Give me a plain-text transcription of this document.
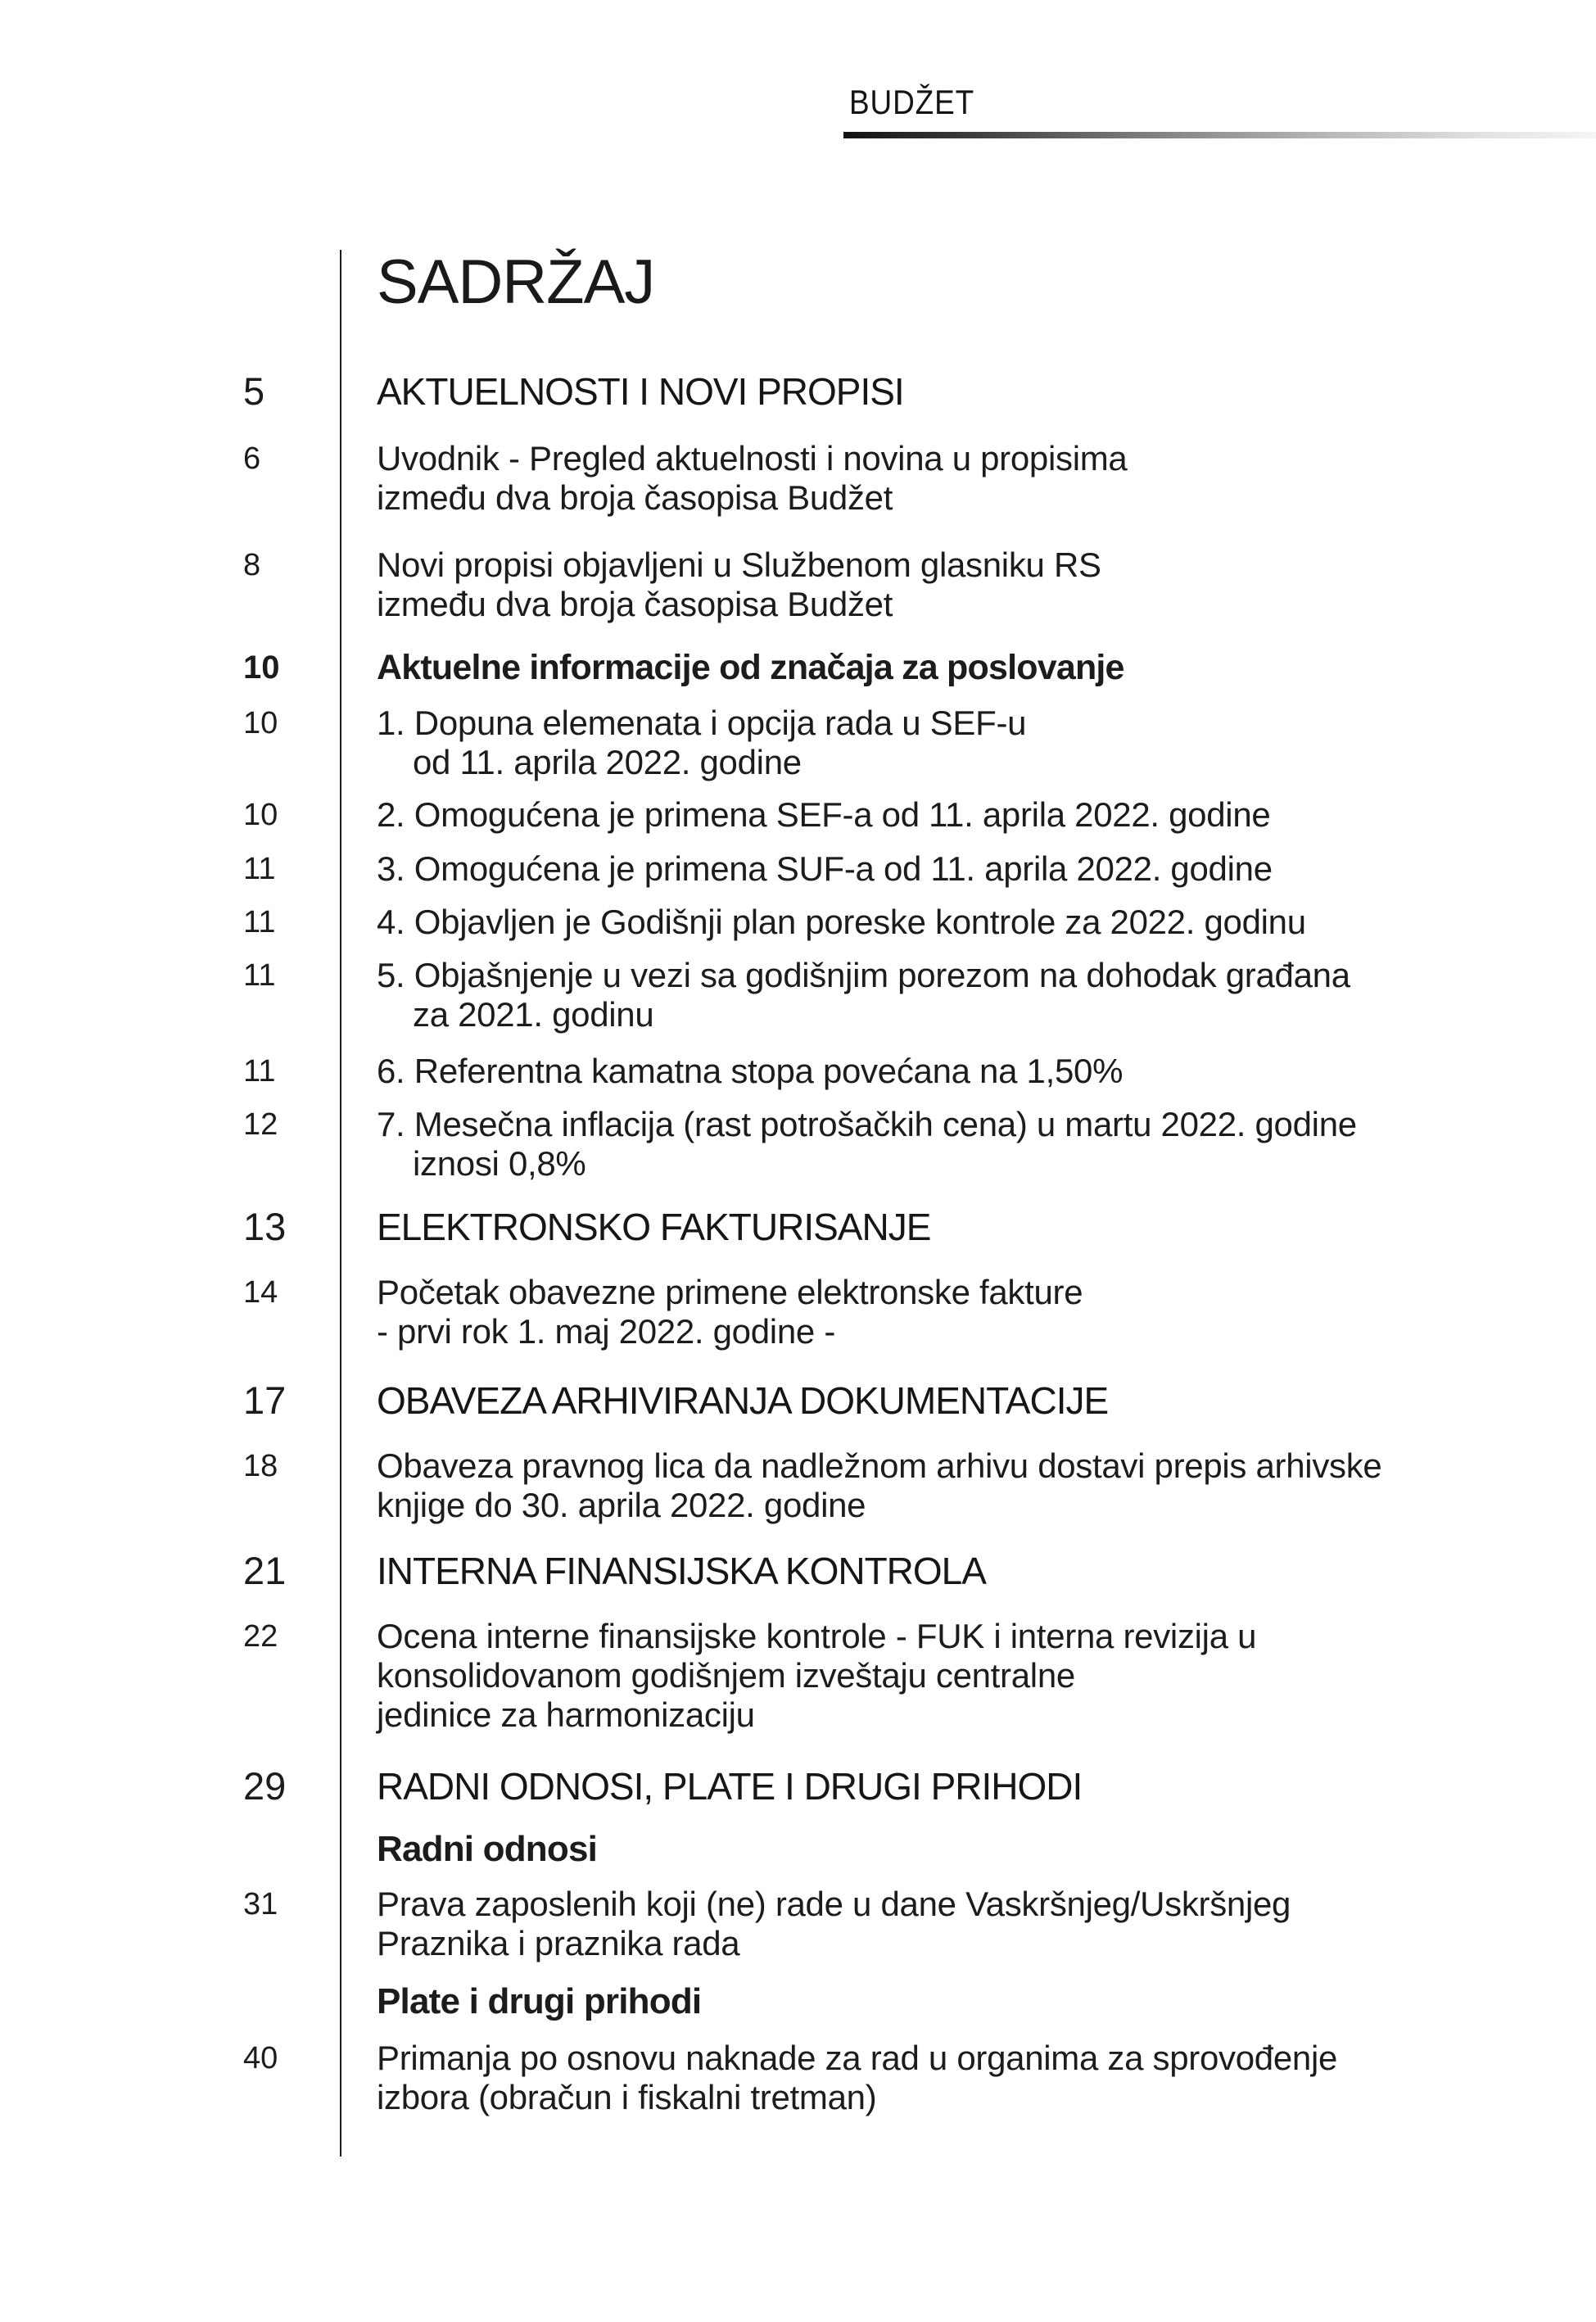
BUDŽET
SADRŽAJ
5	AKTUELNOSTI I NOVI PROPISI
6	Uvodnik - Pregled aktuelnosti i novina u propisima
između dva broja časopisa Budžet
8	Novi propisi objavljeni u Službenom glasniku RS
između dva broja časopisa Budžet
10	Aktuelne informacije od značaja za poslovanje
10	1. Dopuna elemenata i opcija rada u SEF-u
od 11. aprila 2022. godine
10	2. Omogućena je primena SEF-a od 11. aprila 2022. godine
11	3. Omogućena je primena SUF-a od 11. aprila 2022. godine
11	4. Objavljen je Godišnji plan poreske kontrole za 2022. godinu
11	5. Objašnjenje u vezi sa godišnjim porezom na dohodak građana
za 2021. godinu
11	6. Referentna kamatna stopa povećana na 1,50%
12	7. Mesečna inflacija (rast potrošačkih cena) u martu 2022. godine
iznosi 0,8%
13 ELEKTRONSKO FAKTURISANJE
14	Početak obavezne primene elektronske fakture
- prvi rok 1. maj 2022. godine -
17 OBAVEZA ARHIVIRANJA DOKUMENTACIJE
18	Obaveza pravnog lica da nadležnom arhivu dostavi prepis arhivske
knjige do 30. aprila 2022. godine
21 INTERNA FINANSIJSKA KONTROLA
22	Ocena interne finansijske kontrole - FUK i interna revizija u
konsolidovanom godišnjem izveštaju centralne
jedinice za harmonizaciju
29 RADNI ODNOSI, PLATE I DRUGI PRIHODI
Radni odnosi
31	Prava zaposlenih koji (ne) rade u dane Vaskršnjeg/Uskršnjeg
Praznika i praznika rada
Plate i drugi prihodi
40	Primanja po osnovu naknade za rad u organima za sprovođenje
izbora (obračun i fiskalni tretman)
